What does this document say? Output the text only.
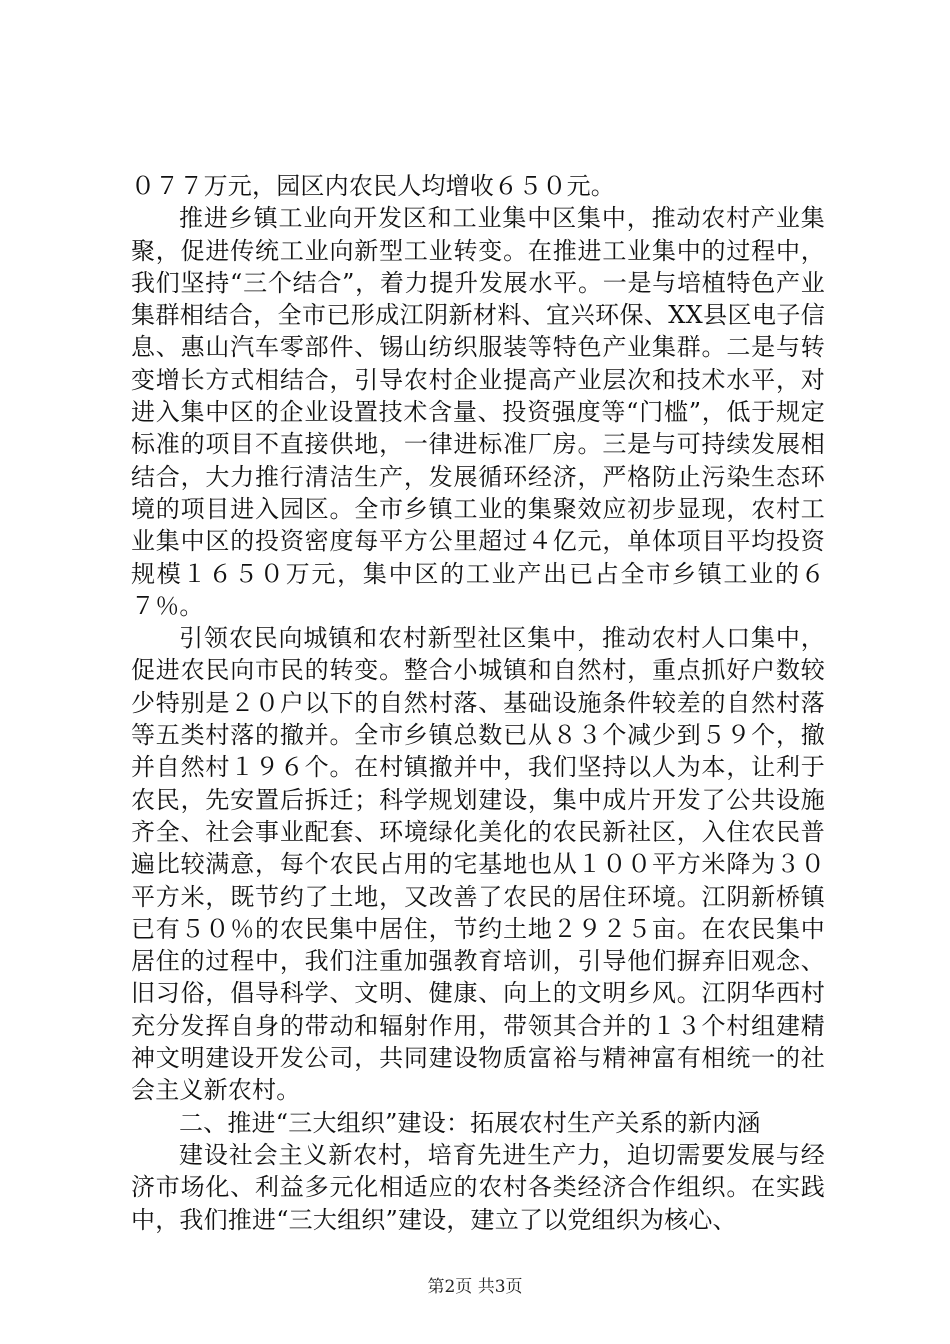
０７７万元，园区内农民人均增收６５０元。

推进乡镇工业向开发区和工业集中区集中，推动农村产业集聚，促进传统工业向新型工业转变。在推进工业集中的过程中，我们坚持“三个结合”，着力提升发展水平。一是与培植特色产业集群相结合，全市已形成江阴新材料、宜兴环保、XX县区电子信息、惠山汽车零部件、锡山纺织服装等特色产业集群。二是与转变增长方式相结合，引导农村企业提高产业层次和技术水平，对进入集中区的企业设置技术含量、投资强度等“门槛”，低于规定标准的项目不直接供地，一律进标准厂房。三是与可持续发展相结合，大力推行清洁生产，发展循环经济，严格防止污染生态环境的项目进入园区。全市乡镇工业的集聚效应初步显现，农村工业集中区的投资密度每平方公里超过４亿元，单体项目平均投资规模１６５０万元，集中区的工业产出已占全市乡镇工业的６７％。

引领农民向城镇和农村新型社区集中，推动农村人口集中，促进农民向市民的转变。整合小城镇和自然村，重点抓好户数较少特别是２０户以下的自然村落、基础设施条件较差的自然村落等五类村落的撤并。全市乡镇总数已从８３个减少到５９个，撤并自然村１９６个。在村镇撤并中，我们坚持以人为本，让利于农民，先安置后拆迁；科学规划建设，集中成片开发了公共设施齐全、社会事业配套、环境绿化美化的农民新社区，入住农民普遍比较满意，每个农民占用的宅基地也从１００平方米降为３０平方米，既节约了土地，又改善了农民的居住环境。江阴新桥镇已有５０％的农民集中居住，节约土地２９２５亩。在农民集中居住的过程中，我们注重加强教育培训，引导他们摒弃旧观念、旧习俗，倡导科学、文明、健康、向上的文明乡风。江阴华西村充分发挥自身的带动和辐射作用，带领其合并的１３个村组建精神文明建设开发公司，共同建设物质富裕与精神富有相统一的社会主义新农村。

二、推进“三大组织”建设：拓展农村生产关系的新内涵

建设社会主义新农村，培育先进生产力，迫切需要发展与经济市场化、利益多元化相适应的农村各类经济合作组织。在实践中，我们推进“三大组织”建设，建立了以党组织为核心、

第2页 共3页
